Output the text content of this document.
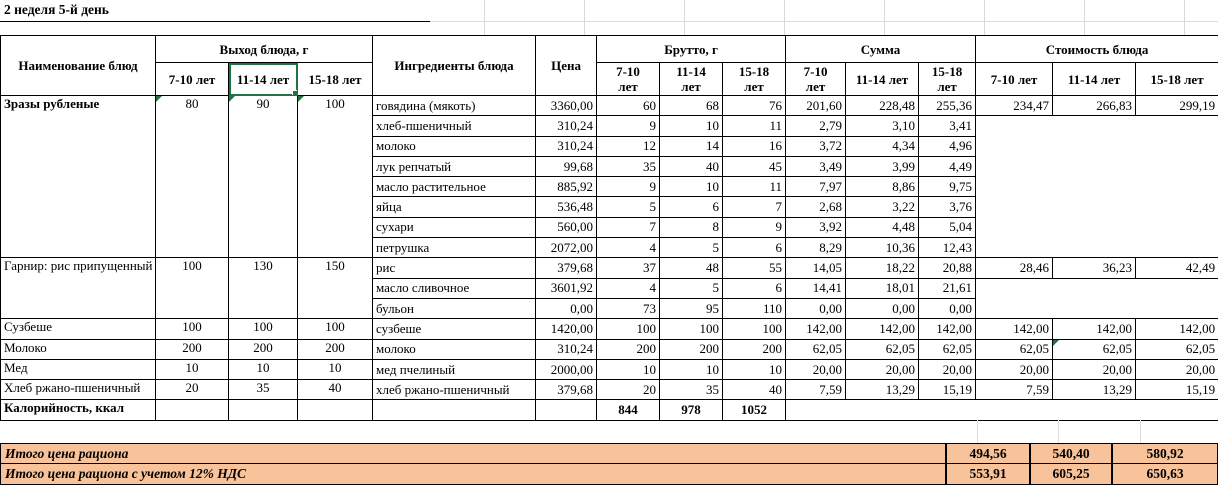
2 неделя 5-й день
Наименование блюд	Выход блюда, г			Ингредиенты блюда	Цена	Брутто, г			Сумма			Стоимость блюда		
	7-10 лет	11-14 лет	15-18 лет			7-10 лет	11-14 лет	15-18 лет	7-10 лет	11-14 лет	15-18 лет	7-10 лет	11-14 лет	15-18 лет
Зразы рубленые	80	90	100	говядина (мякоть)	3360,00	60	68	76	201,60	228,48	255,36	234,47	266,83	299,19
				хлеб-пшеничный	310,24	9	10	11	2,79	3,10	3,41			
				молоко	310,24	12	14	16	3,72	4,34	4,96			
				лук репчатый	99,68	35	40	45	3,49	3,99	4,49			
				масло растительное	885,92	9	10	11	7,97	8,86	9,75			
				яйца	536,48	5	6	7	2,68	3,22	3,76			
				сухари	560,00	7	8	9	3,92	4,48	5,04			
				петрушка	2072,00	4	5	6	8,29	10,36	12,43			
Гарнир: рис припущенный	100	130	150	рис	379,68	37	48	55	14,05	18,22	20,88	28,46	36,23	42,49
				масло сливочное	3601,92	4	5	6	14,41	18,01	21,61			
				бульон	0,00	73	95	110	0,00	0,00	0,00			
Сузбеше	100	100	100	сузбеше	1420,00	100	100	100	142,00	142,00	142,00	142,00	142,00	142,00
Молоко	200	200	200	молоко	310,24	200	200	200	62,05	62,05	62,05	62,05	62,05	62,05
Мед	10	10	10	мед пчелиный	2000,00	10	10	10	20,00	20,00	20,00	20,00	20,00	20,00
Хлеб ржано-пшеничный	20	35	40	хлеб ржано-пшеничный	379,68	20	35	40	7,59	13,29	15,19	7,59	13,29	15,19
Калорийность, ккал						844	978	1052						
Итого цена рациона	494,56	540,40	580,92
Итого цена рациона с учетом 12% НДС	553,91	605,25	650,63
